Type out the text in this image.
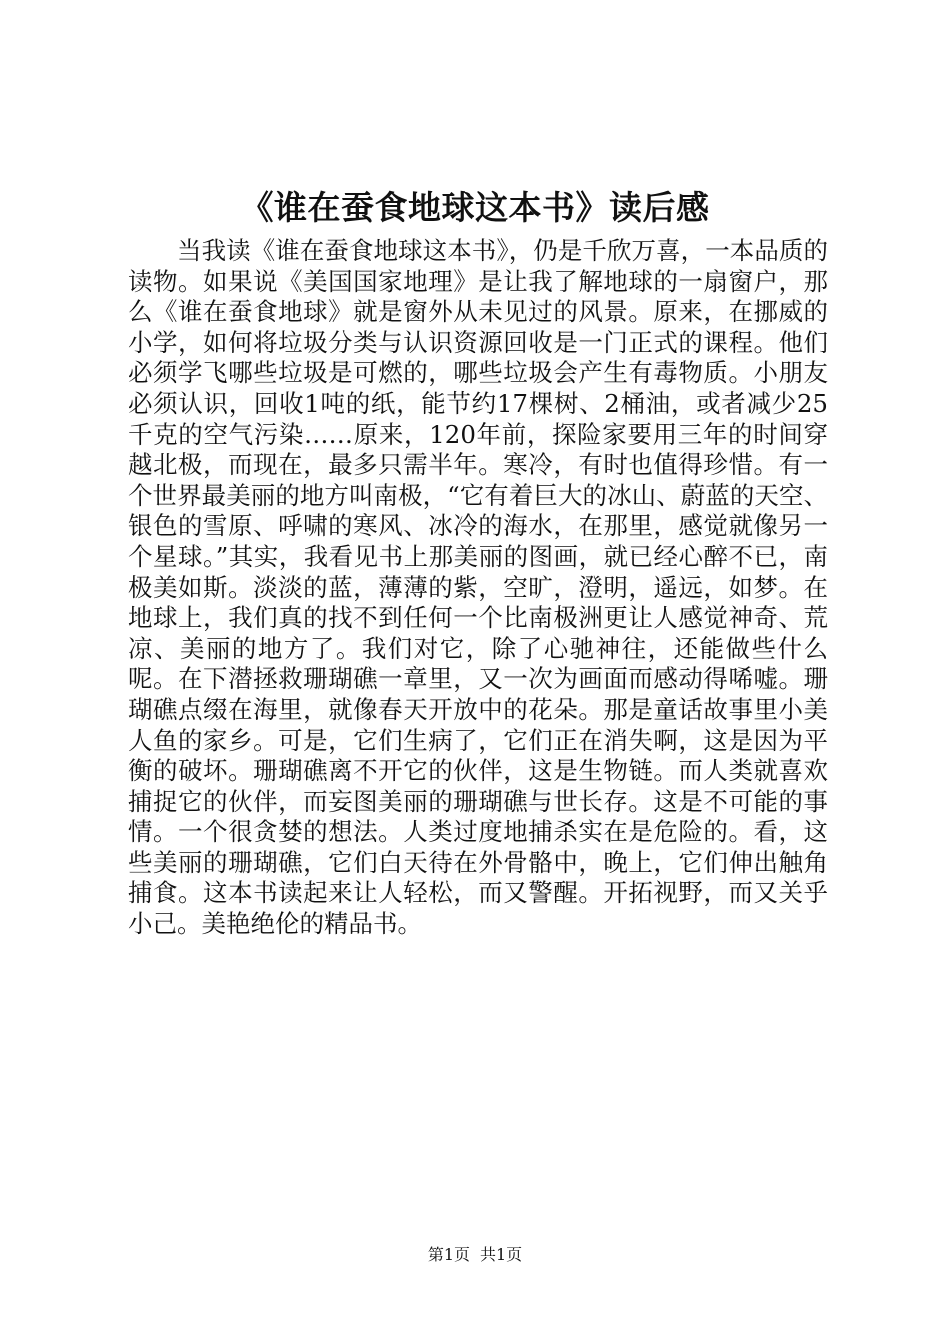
《谁在蚕食地球这本书》读后感

当我读《谁在蚕食地球这本书》，仍是千欣万喜，一本品质的读物。如果说《美国国家地理》是让我了解地球的一扇窗户，那么《谁在蚕食地球》就是窗外从未见过的风景。原来，在挪威的小学，如何将垃圾分类与认识资源回收是一门正式的课程。他们必须学飞哪些垃圾是可燃的，哪些垃圾会产生有毒物质。小朋友必须认识，回收1吨的纸，能节约17棵树、2桶油，或者减少25千克的空气污染……原来，120年前，探险家要用三年的时间穿越北极，而现在，最多只需半年。寒冷，有时也值得珍惜。有一个世界最美丽的地方叫南极，“它有着巨大的冰山、蔚蓝的天空、银色的雪原、呼啸的寒风、冰冷的海水，在那里，感觉就像另一个星球。”其实，我看见书上那美丽的图画，就已经心醉不已，南极美如斯。淡淡的蓝，薄薄的紫，空旷，澄明，遥远，如梦。在地球上，我们真的找不到任何一个比南极洲更让人感觉神奇、荒凉、美丽的地方了。我们对它，除了心驰神往，还能做些什么呢。在下潜拯救珊瑚礁一章里，又一次为画面而感动得唏嘘。珊瑚礁点缀在海里，就像春天开放中的花朵。那是童话故事里小美人鱼的家乡。可是，它们生病了，它们正在消失啊，这是因为平衡的破坏。珊瑚礁离不开它的伙伴，这是生物链。而人类就喜欢捕捉它的伙伴，而妄图美丽的珊瑚礁与世长存。这是不可能的事情。一个很贪婪的想法。人类过度地捕杀实在是危险的。看，这些美丽的珊瑚礁，它们白天待在外骨骼中，晚上，它们伸出触角捕食。这本书读起来让人轻松，而又警醒。开拓视野，而又关乎小己。美艳绝伦的精品书。

第1页 共1页
